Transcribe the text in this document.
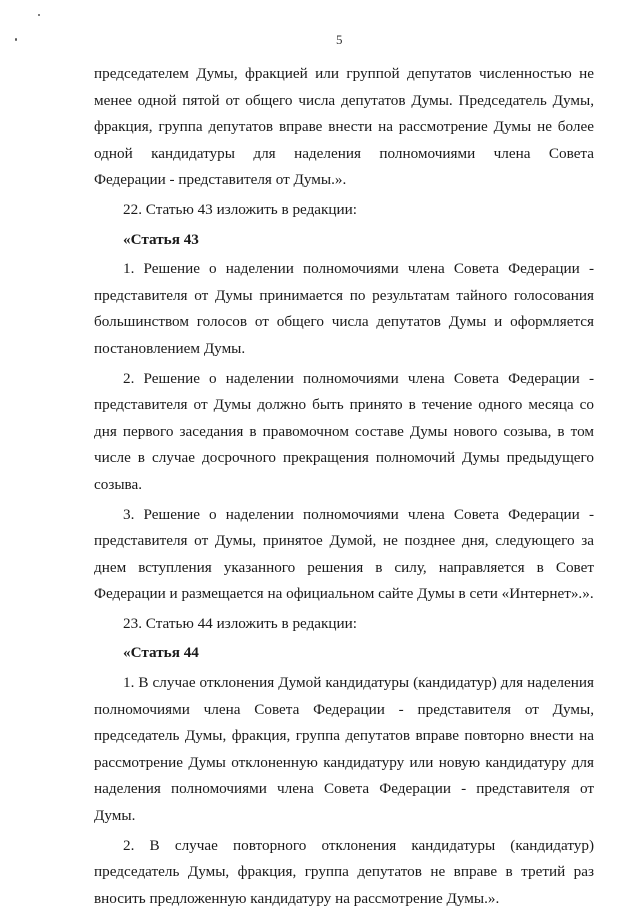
5

председателем Думы, фракцией или группой депутатов численностью не

менее одной пятой от общего числа депутатов Думы. Председатель Думы,

фракция, группа депутатов вправе внести на рассмотрение Думы не более

одной кандидатуры для наделения полномочиями члена Совета

Федерации - представителя от Думы.».

22. Статью 43 изложить в редакции:

«Статья 43

1. Решение о наделении полномочиями члена Совета Федерации - представителя от Думы принимается по результатам тайного голосования большинством голосов от общего числа депутатов Думы и оформляется постановлением Думы.

2. Решение о наделении полномочиями члена Совета Федерации - представителя от Думы должно быть принято в течение одного месяца со дня первого заседания в правомочном составе Думы нового созыва, в том числе в случае досрочного прекращения полномочий Думы предыдущего созыва.

3. Решение о наделении полномочиями члена Совета Федерации - представителя от Думы, принятое Думой, не позднее дня, следующего за днем вступления указанного решения в силу, направляется в Совет Федерации и размещается на официальном сайте Думы в сети «Интернет».».

23. Статью 44 изложить в редакции:

«Статья 44

1. В случае отклонения Думой кандидатуры (кандидатур) для наделения полномочиями члена Совета Федерации - представителя от Думы, председатель Думы, фракция, группа депутатов вправе повторно внести на рассмотрение Думы отклоненную кандидатуру или новую кандидатуру для наделения полномочиями члена Совета Федерации - представителя от Думы.

2. В случае повторного отклонения кандидатуры (кандидатур) председатель Думы, фракция, группа депутатов не вправе в третий раз вносить предложенную кандидатуру на рассмотрение Думы.».
